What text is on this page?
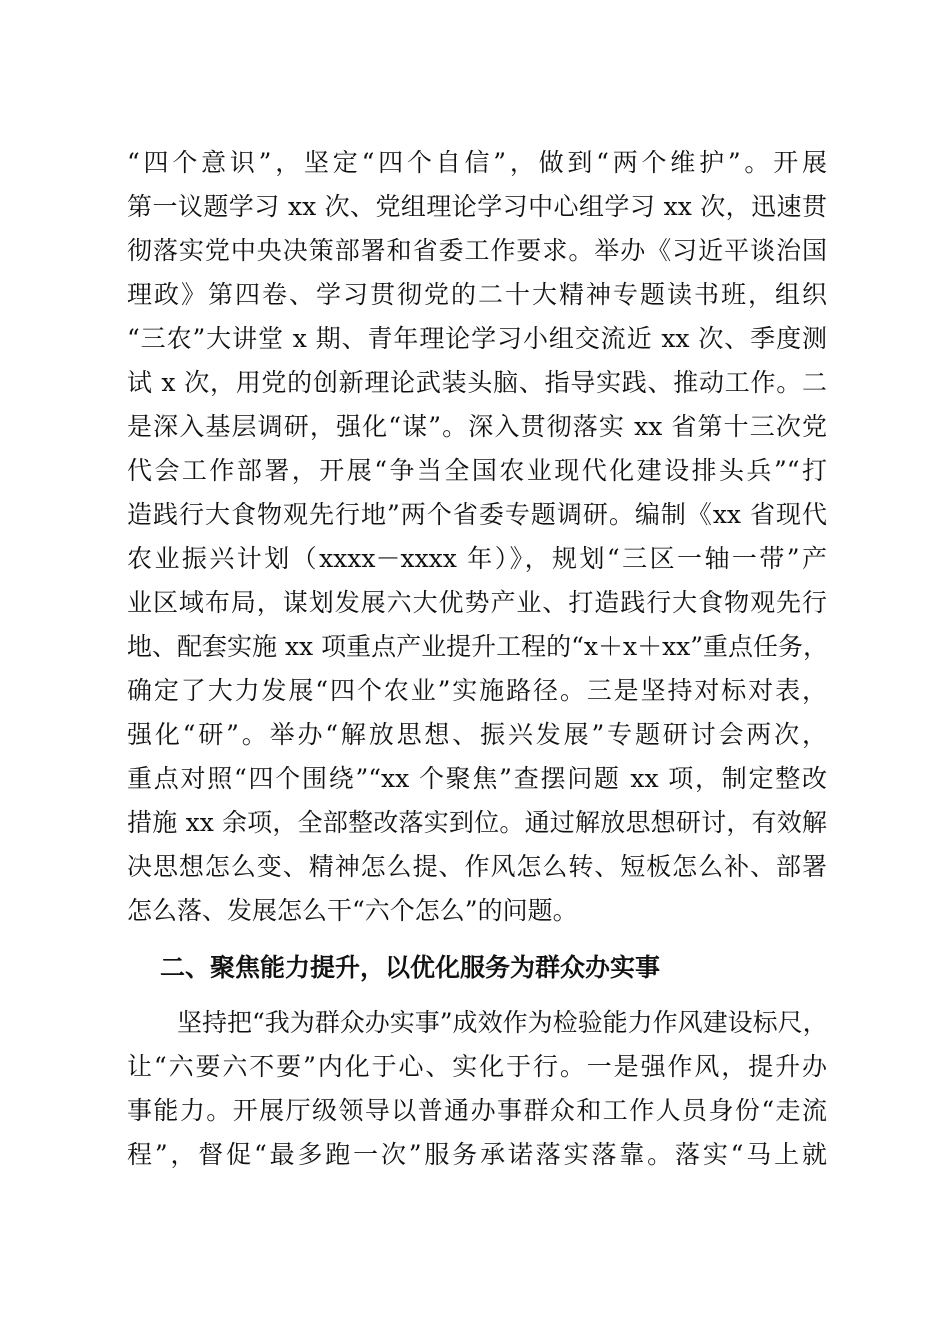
“四个意识”，坚定“四个自信”，做到“两个维护”。开展
第一议题学习 xx 次、党组理论学习中心组学习 xx 次，迅速贯
彻落实党中央决策部署和省委工作要求。举办《习近平谈治国
理政》第四卷、学习贯彻党的二十大精神专题读书班，组织
“三农”大讲堂 x 期、青年理论学习小组交流近 xx 次、季度测
试 x 次，用党的创新理论武装头脑、指导实践、推动工作。二
是深入基层调研，强化“谋”。深入贯彻落实 xx 省第十三次党
代会工作部署，开展“争当全国农业现代化建设排头兵”“打
造践行大食物观先行地”两个省委专题调研。编制《xx 省现代
农业振兴计划（xxxx－xxxx 年）》，规划“三区一轴一带”产
业区域布局，谋划发展六大优势产业、打造践行大食物观先行
地、配套实施 xx 项重点产业提升工程的“x＋x＋xx”重点任务，
确定了大力发展“四个农业”实施路径。三是坚持对标对表，
强化“研”。举办“解放思想、振兴发展”专题研讨会两次，
重点对照“四个围绕”“xx 个聚焦”查摆问题 xx 项，制定整改
措施 xx 余项，全部整改落实到位。通过解放思想研讨，有效解
决思想怎么变、精神怎么提、作风怎么转、短板怎么补、部署
怎么落、发展怎么干“六个怎么”的问题。
二、聚焦能力提升，以优化服务为群众办实事
坚持把“我为群众办实事”成效作为检验能力作风建设标尺，
让“六要六不要”内化于心、实化于行。一是强作风，提升办
事能力。开展厅级领导以普通办事群众和工作人员身份“走流
程”，督促“最多跑一次”服务承诺落实落靠。落实“马上就
